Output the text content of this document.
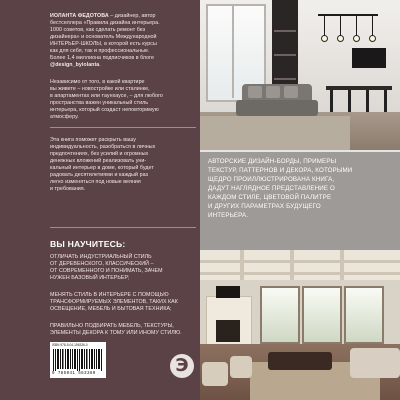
ИОЛАНТА ФЕДОТОВА – дизайнер, автор
бестселлера «Правила дизайна интерьера.
1000 советов, как сделать ремонт без
дизайнера» и основатель Международной
ИНТЕРЬЕР-ШКОЛЫ, в которой есть курсы
как для себя, так и профессиональные.
Более 1,4 миллиона подписчиков в блоге
@design_byiolanta.
Независимо от того, в какой квартире
вы живете – новостройке или сталинке,
в апартаментах или таунхаусе, – для любого
пространства важен уникальный стиль
интерьера, который создаст неповторимую
атмосферу.
Эта книга поможет раскрыть вашу
индивидуальность, разобраться в личных
предпочтениях, без усилий и огромных
денежных вложений реализовать уни-
кальный интерьер в доме, который будет
радовать десятилетиями и каждый раз
легко изменяться под новые веяния
и требования.
ВЫ НАУЧИТЕСЬ:
ОТЛИЧАТЬ ИНДУСТРИАЛЬНЫЙ СТИЛЬ
ОТ ДЕРЕВЕНСКОГО, КЛАССИЧЕСКИЙ –
ОТ СОВРЕМЕННОГО И ПОНИМАТЬ, ЗАЧЕМ
НУЖЕН БАЗОВЫЙ ИНТЕРЬЕР;
МЕНЯТЬ СТИЛЬ В ИНТЕРЬЕРЕ С ПОМОЩЬЮ
ТРАНСФОРМИРУЕМЫХ ЭЛЕМЕНТОВ, ТАКИХ КАК
ОСВЕЩЕНИЕ, МЕБЕЛЬ И БЫТОВАЯ ТЕХНИКА;
ПРАВИЛЬНО ПОДБИРАТЬ МЕБЕЛЬ, ТЕКСТУРЫ,
ЭЛЕМЕНТЫ ДЕКОРА К ТОМУ ИЛИ ИНОМУ СТИЛЮ.
ISBN 978-5-04-156336-0
9 785041 563360	Э
АВТОРСКИЕ ДИЗАЙН-БОРДЫ, ПРИМЕРЫ
ТЕКСТУР, ПАТТЕРНОВ И ДЕКОРА, КОТОРЫМИ
ЩЕДРО ПРОИЛЛЮСТРИРОВАНА КНИГА,
ДАДУТ НАГЛЯДНОЕ ПРЕДСТАВЛЕНИЕ О
КАЖДОМ СТИЛЕ, ЦВЕТОВОЙ ПАЛИТРЕ
И ДРУГИХ ПАРАМЕТРАХ БУДУЩЕГО
ИНТЕРЬЕРА.
